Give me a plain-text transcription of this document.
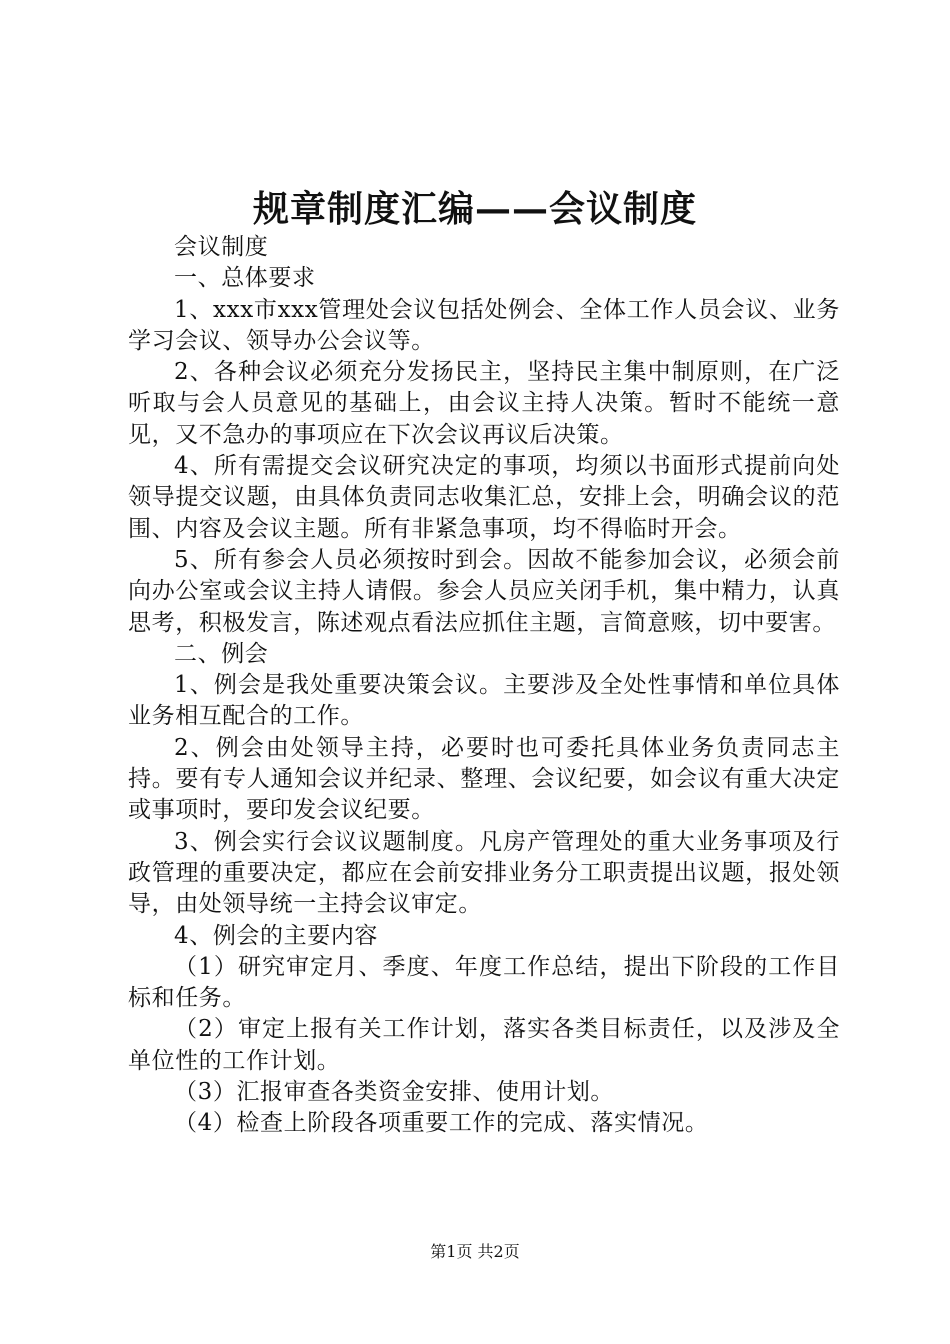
规章制度汇编——会议制度

会议制度

一、总体要求

1、xxx市xxx管理处会议包括处例会、全体工作人员会议、业务学习会议、领导办公会议等。

2、各种会议必须充分发扬民主，坚持民主集中制原则，在广泛听取与会人员意见的基础上，由会议主持人决策。暂时不能统一意见，又不急办的事项应在下次会议再议后决策。

4、所有需提交会议研究决定的事项，均须以书面形式提前向处领导提交议题，由具体负责同志收集汇总，安排上会，明确会议的范围、内容及会议主题。所有非紧急事项，均不得临时开会。

5、所有参会人员必须按时到会。因故不能参加会议，必须会前向办公室或会议主持人请假。参会人员应关闭手机，集中精力，认真思考，积极发言，陈述观点看法应抓住主题，言简意赅，切中要害。

二、例会

1、例会是我处重要决策会议。主要涉及全处性事情和单位具体业务相互配合的工作。

2、例会由处领导主持，必要时也可委托具体业务负责同志主持。要有专人通知会议并纪录、整理、会议纪要，如会议有重大决定或事项时，要印发会议纪要。

3、例会实行会议议题制度。凡房产管理处的重大业务事项及行政管理的重要决定，都应在会前安排业务分工职责提出议题，报处领导，由处领导统一主持会议审定。

4、例会的主要内容

（1）研究审定月、季度、年度工作总结，提出下阶段的工作目标和任务。

（2）审定上报有关工作计划，落实各类目标责任，以及涉及全单位性的工作计划。

（3）汇报审查各类资金安排、使用计划。

（4）检查上阶段各项重要工作的完成、落实情况。

第1页 共2页
